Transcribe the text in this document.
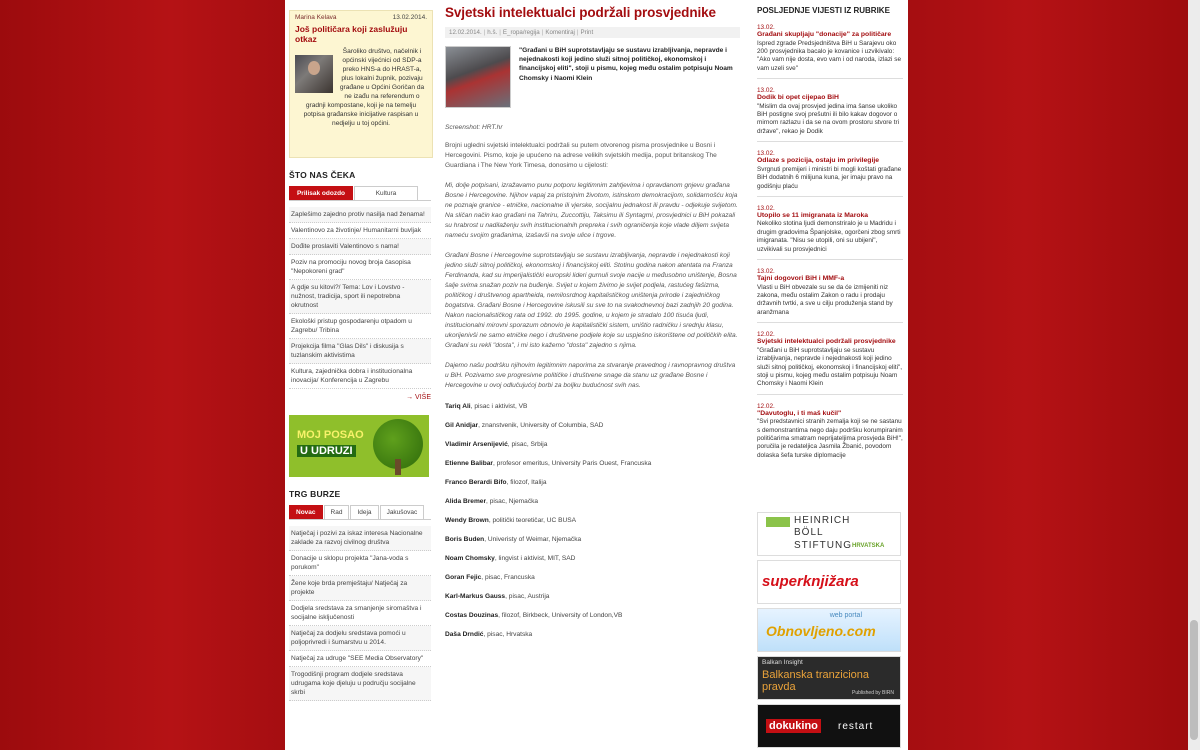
Marina Kelava	13.02.2014.
Još političara koji zaslužuju otkaz
Šaroliko društvo, načelnik i općinski vijećnici od SDP-a preko HNS-a do HRAST-a, plus lokalni župnik, pozivaju građane u Općini Goričan da ne izađu na referendum o gradnji kompostane, koji je na temelju potpisa građanske inicijative raspisan u nedjelju u toj općini.
ŠTO NAS ČEKA
Prilisak odozdo	Kultura
Zaplešimo zajedno protiv nasilja nad ženama!
Valentinovo za životinje/ Humanitarni buvljak
Dođite proslaviti Valentinovo s nama!
Poziv na promociju novog broja časopisa "Nepokoreni grad"
A gdje su kitovi?/ Tema: Lov i Lovstvo - nužnost, tradicija, sport ili nepotrebna okrutnost
Ekološki pristup gospodarenju otpadom u Zagrebu/ Tribina
Projekcija filma "Glas Dils" i diskusija s tuzlanskim aktivistima
Kultura, zajednička dobra i institucionalna inovacija/ Konferencija u Zagrebu
→ VIŠE
MOJ POSAO
U UDRUZI
TRG BURZE
Novac	Rad	Ideja	Jakušovac
Natječaj i pozivi za iskaz interesa Nacionalne zaklade za razvoj civilnog društva
Donacije u sklopu projekta "Jana-voda s porukom"
Žene koje brda premještaju/ Natječaj za projekte
Dodjela sredstava za smanjenje siromaštva i socijalne isključenosti
Natječaj za dodjelu sredstava pomoći u poljoprivredi i šumarstvu u 2014.
Natječaj za udruge "SEE Media Observatory"
Trogodišnji program dodjele sredstava udrugama koje djeluju u području socijalne skrbi
Svjetski intelektualci podržali prosvjednike
12.02.2014. | h.š. | E_ropa/regija | Komentiraj | Print
"Građani u BiH suprotstavljaju se sustavu izrabljivanja, nepravde i nejednakosti koji jedino služi sitnoj političkoj, ekonomskoj i financijskoj eliti", stoji u pismu, kojeg među ostalim potpisuju Noam Chomsky i Naomi Klein
Screenshot: HRT.hr

Brojni ugledni svjetski intelektualci podržali su putem otvorenog pisma prosvjednike u Bosni i Hercegovini. Pismo, koje je upućeno na adrese velikih svjetskih medija, poput britanskog The Guardiana i The New York Timesa, donosimo u cijelosti:

Mi, dolje potpisani, izražavamo punu potporu legitimnim zahtjevima i opravdanom gnjevu građana Bosne i Hercegovine. Njihov vapaj za pristojnim životom, istinskom demokracijom, solidarnošću koja ne poznaje granice - etničke, nacionalne ili vjerske, socijalnu jednakost ili pravdu - odjekuje svijetom. Na sličan način kao građani na Tahriru, Zuccottiju, Taksimu ili Syntagmi, prosvjednici u BiH pokazali su hrabrost u nadilaženju svih institucionalnih prepreka i svih ograničenja koje vlade diljem svijeta nameću svojim građanima, izašavši na svoje ulice i trgove.

Građani Bosne i Hercegovine suprotstavljaju se sustavu izrabljivanja, nepravde i nejednakosti koji jedino služi sitnoj političkoj, ekonomskoj i financijskoj eliti. Stotinu godina nakon atentata na Franza Ferdinanda, kad su imperijalistički europski lideri gurnuli svoje nacije u međusobno uništenje, Bosna šalje svima snažan poziv na buđenje. Svijet u kojem živimo je svijet podjela, rastućeg fašizma, političkog i društvenog apartheida, nemilosrdnog kapitalističkog uništenja prirode i zajedničkog bogatstva. Građani Bosne i Hercegovine iskusili su sve to na svakodnevnoj bazi zadnjih 20 godina. Nakon nacionalističkog rata od 1992. do 1995. godine, u kojem je stradalo 100 tisuća ljudi, institucionalni mirovni sporazum obnovio je kapitalistički sistem, uništio radničku i srednju klasu, ukorijenivši ne samo etničke nego i društvene podjele koje su uspješno iskorištene od političkih elita. Građani su rekli "dosta", i mi isto kažemo "dosta" zajedno s njima.

Dajemo našu podršku njihovim legitimnim naporima za stvaranje pravednog i ravnopravnog društva u BiH. Pozivamo sve progresivne političke i društvene snage da stanu uz građane Bosne i Hercegovine u ovoj odlučujućoj borbi za boljku budućnost svih nas.

Tariq Ali, pisac i aktivist, VB
Gil Anidjar, znanstvenik, University of Columbia, SAD
Vladimir Arsenijević, pisac, Srbija
Etienne Balibar, profesor emeritus, University Paris Ouest, Francuska
Franco Berardi Bifo, filozof, Italija
Alida Bremer, pisac, Njemačka
Wendy Brown, politički teoretičar, UC BUSA
Boris Buden, Univeristy of Weimar, Njemačka
Noam Chomsky, lingvist i aktivist, MIT, SAD
Goran Fejic, pisac, Francuska
Karl-Markus Gauss, pisac, Austrija
Costas Douzinas, filozof, Birkbeck, University of London,VB
Daša Drndić, pisac, Hrvatska
POSLJEDNJE VIJESTI IZ RUBRIKE
13.02.
Građani skupljaju "donacije" za političare
Ispred zgrade Predsjedništva BiH u Sarajevu oko 200 prosvjednika bacalo je kovanice i uzvikivalo: "Ako vam nije dosta, evo vam i od naroda, izlazi se vam uzeli sve"
13.02.
Dodik bi opet cijepao BiH
"Mislim da ovaj prosvjed jedina ima šanse ukoliko BiH postigne svoj prešutni ili bilo kakav dogovor o mirnom razlazu i da se na ovom prostoru stvore tri države", rekao je Dodik
13.02.
Odlaze s pozicija, ostaju im privilegije
Svrgnuti premijeri i ministri bi mogli koštati građane BiH dodatnih 6 milijuna kuna, jer imaju pravo na godišnju plaću
13.02.
Utopilo se 11 imigranata iz Maroka
Nekoliko stotina ljudi demonstriralo je u Madridu i drugim gradovima Španjolske, ogorčeni zbog smrti imigranata. "Nisu se utopili, oni su ubijeni", uzvikivali su prosvjednici
13.02.
Tajni dogovori BiH i MMF-a
Vlasti u BiH obvezale su se da će izmijeniti niz zakona, među ostalim Zakon o radu i prodaju državnih tvrtki, a sve u cilju produženja stand by aranžmana
12.02.
Svjetski intelektualci podržali prosvjednike
"Građani u BiH suprotstavljaju se sustavu izrabljivanja, nepravde i nejednakosti koji jedino služi sitnoj političkoj, ekonomskoj i financijskoj eliti", stoji u pismu, kojeg među ostalim potpisuju Noam Chomsky i Naomi Klein
12.02.
"Davutoglu, i ti maš kučil"
"Svi predstavnici stranih zemalja koji se ne sastanu s demonstrantima nego daju podršku korumpiranim političarima smatram neprijateljima prosvjeda BiH!", poručila je redateljica Jasmila Žbanić, povodom dolaska šefa turske diplomacije
HEINRICH
BÖLL
STIFTUNG HRVATSKA
superknjižara
web portal
Obnovljeno.com
Balkan Insight
Balkanska tranziciona pravda	Published by BIRN
dokukino	restart
